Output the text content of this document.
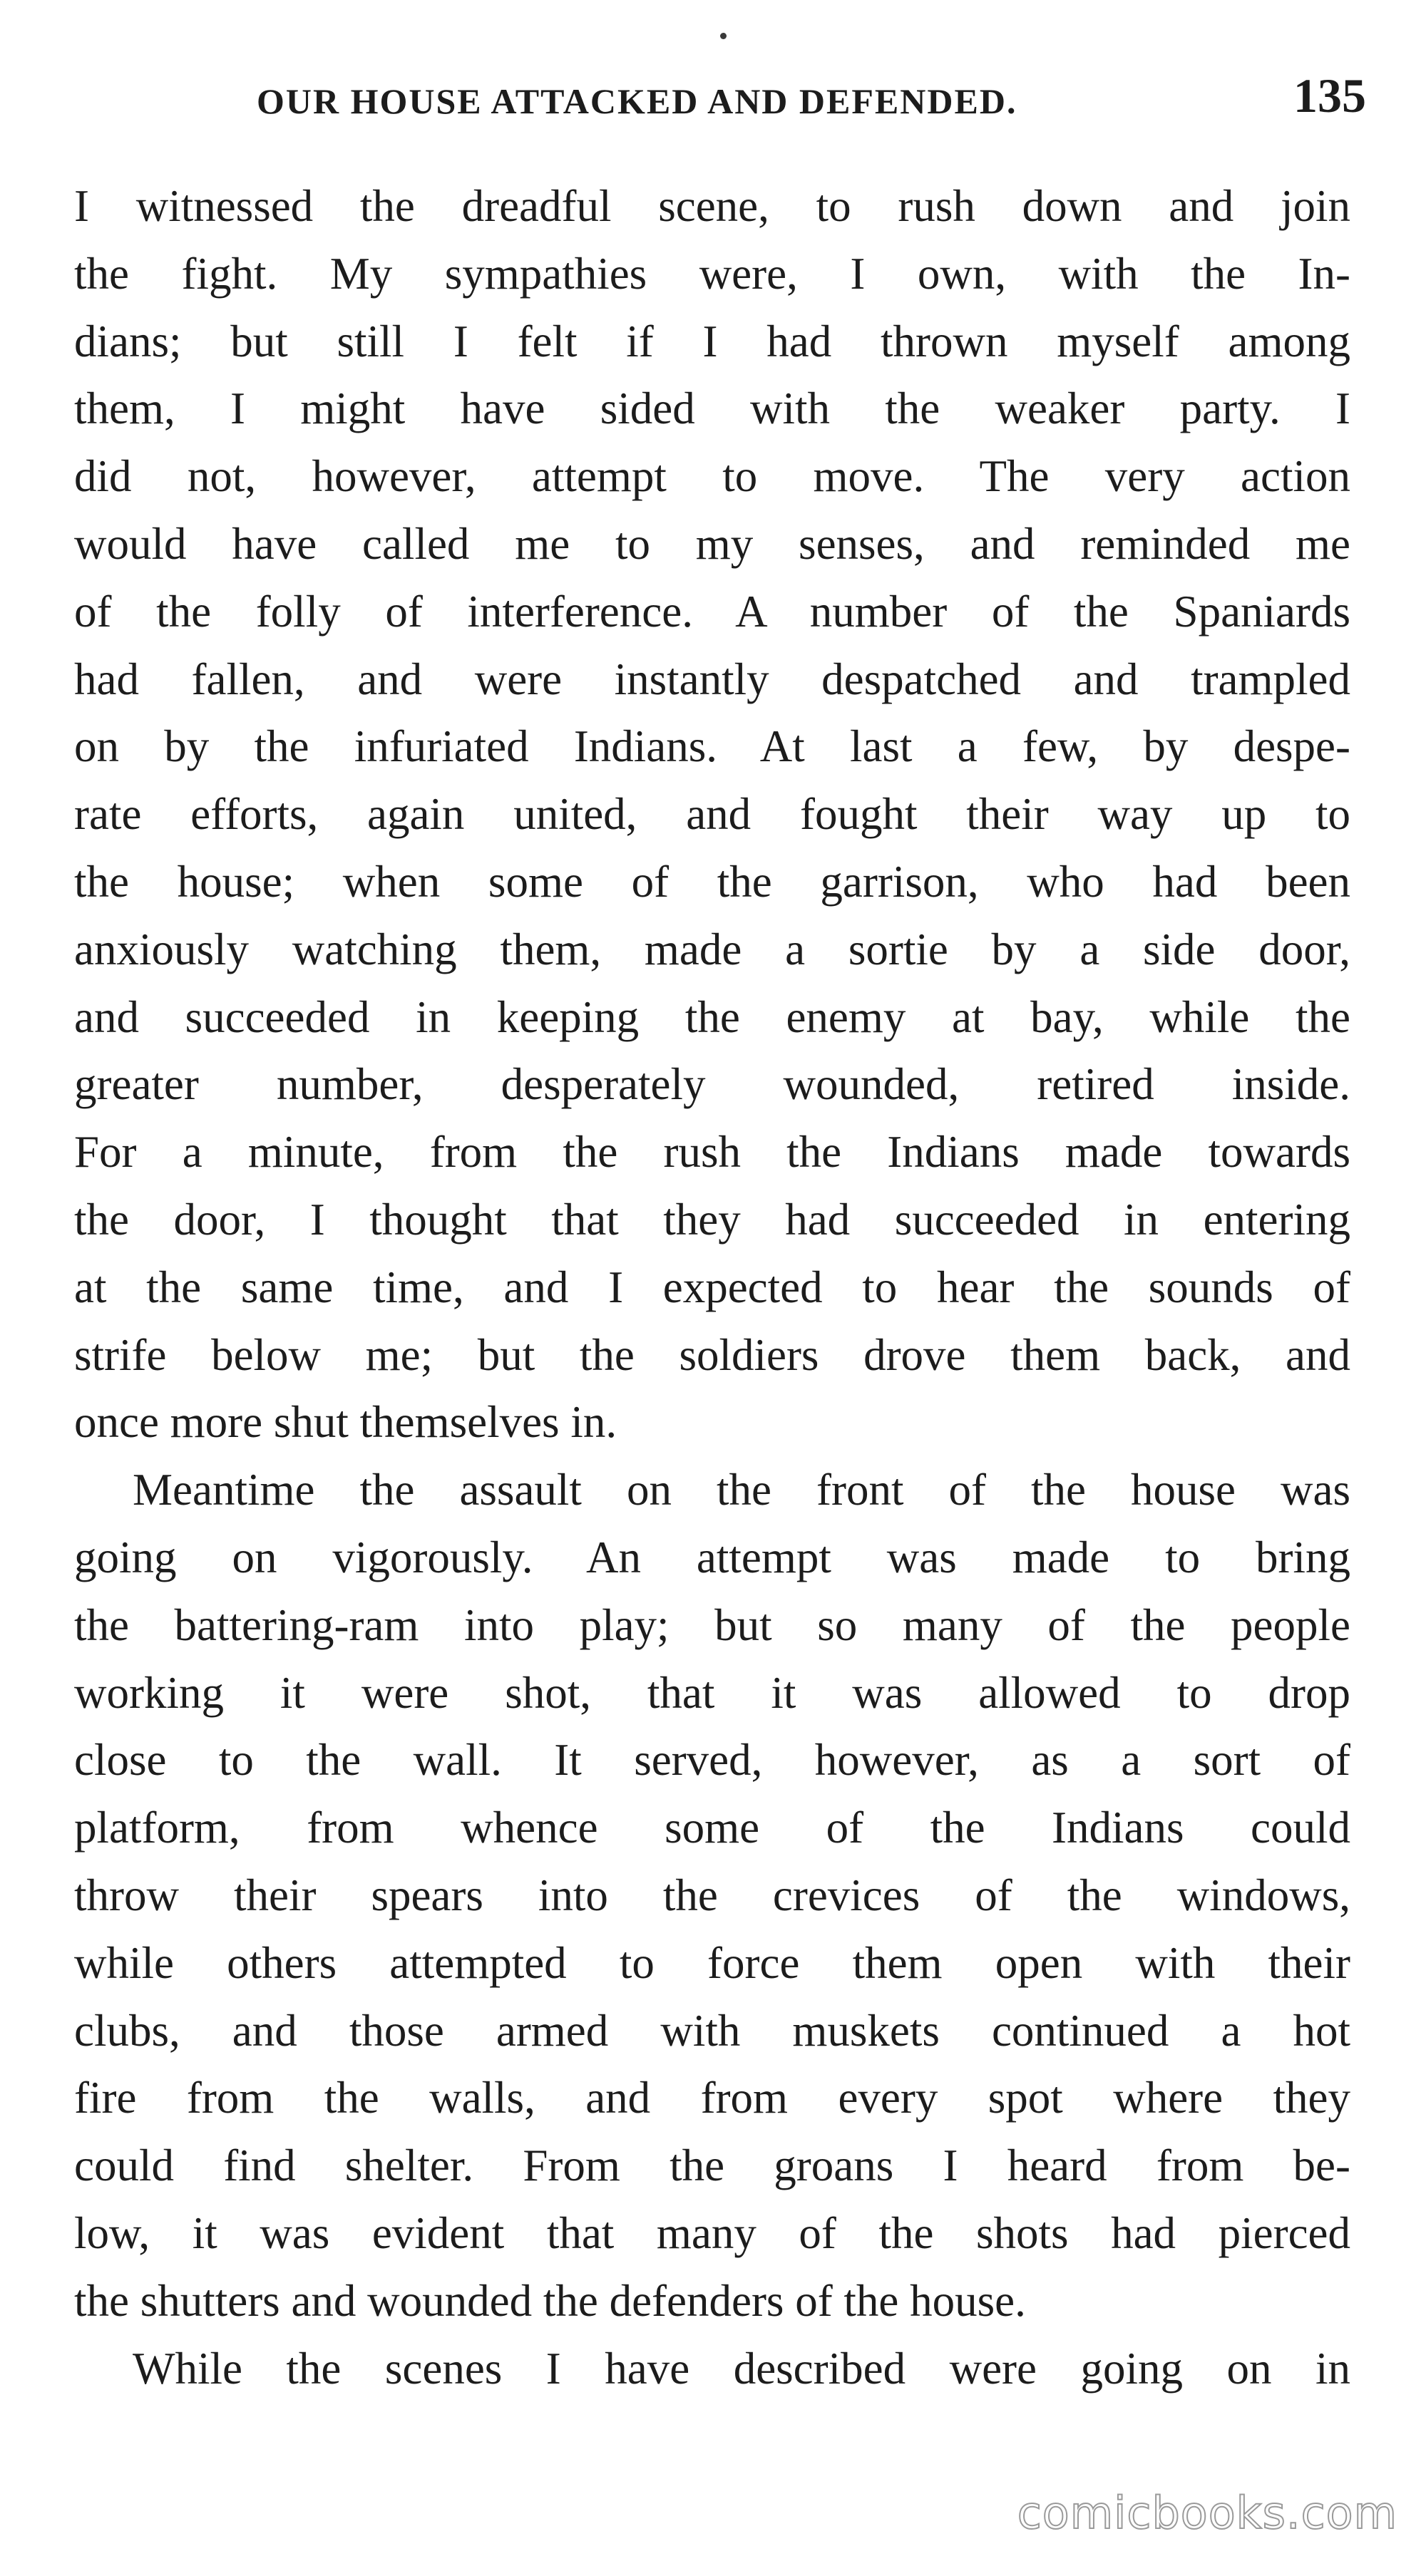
OUR HOUSE ATTACKED AND DEFENDED.	135
I witnessed the dreadful scene, to rush down and join
the fight. My sympathies were, I own, with the In-
dians; but still I felt if I had thrown myself among
them, I might have sided with the weaker party. I
did not, however, attempt to move. The very action
would have called me to my senses, and reminded me
of the folly of interference. A number of the Spaniards
had fallen, and were instantly despatched and trampled
on by the infuriated Indians. At last a few, by despe-
rate efforts, again united, and fought their way up to
the house; when some of the garrison, who had been
anxiously watching them, made a sortie by a side door,
and succeeded in keeping the enemy at bay, while the
greater number, desperately wounded, retired inside.
For a minute, from the rush the Indians made towards
the door, I thought that they had succeeded in entering
at the same time, and I expected to hear the sounds of
strife below me; but the soldiers drove them back, and
once more shut themselves in.
Meantime the assault on the front of the house was
going on vigorously. An attempt was made to bring
the battering-ram into play; but so many of the people
working it were shot, that it was allowed to drop
close to the wall. It served, however, as a sort of
platform, from whence some of the Indians could
throw their spears into the crevices of the windows,
while others attempted to force them open with their
clubs, and those armed with muskets continued a hot
fire from the walls, and from every spot where they
could find shelter. From the groans I heard from be-
low, it was evident that many of the shots had pierced
the shutters and wounded the defenders of the house.
While the scenes I have described were going on in
comicbooks.com
